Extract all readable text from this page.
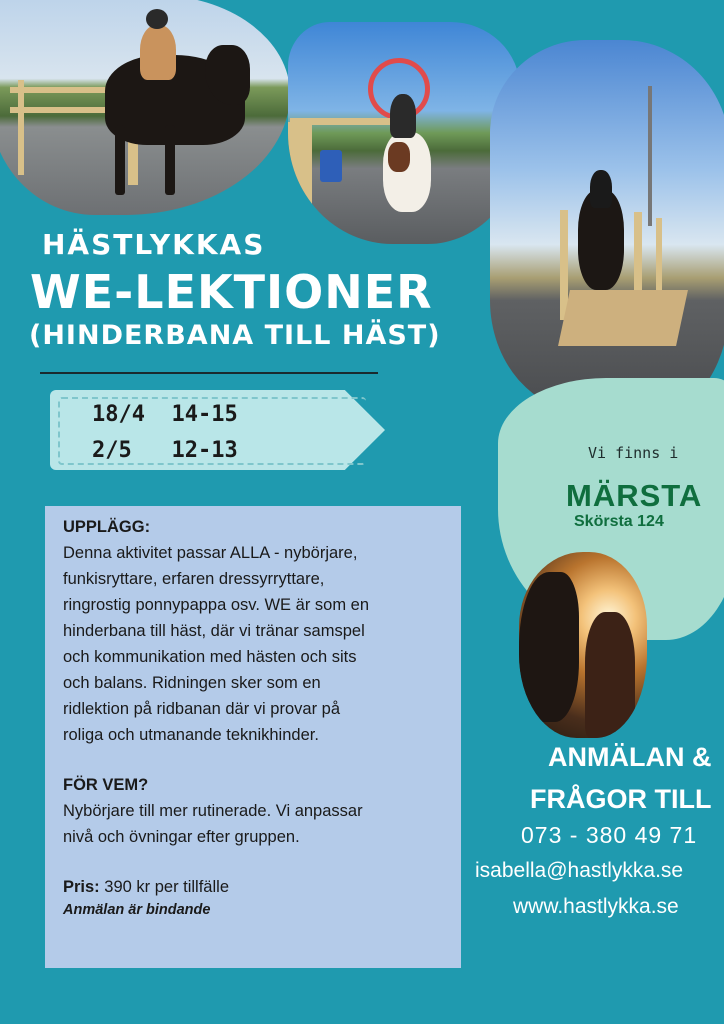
Vi finns i
MÄRSTA
Skörsta 124
HÄSTLYKKAS
WE-LEKTIONER
(HINDERBANA TILL HÄST)
18/4  14-15
2/5   12-13
UPPLÄGG:
Denna aktivitet passar ALLA - nybörjare,
funkisryttare, erfaren dressyrryttare,
ringrostig ponnypappa osv. WE är som en
hinderbana till häst, där vi tränar samspel
och kommunikation med hästen och sits
och balans. Ridningen sker som en
ridlektion på ridbanan där vi provar på
roliga och utmanande teknikhinder.
FÖR VEM?
Nybörjare till mer rutinerade. Vi anpassar
nivå och övningar efter gruppen.
Pris: 390 kr per tillfälle
Anmälan är bindande
ANMÄLAN &
FRÅGOR TILL
073 - 380 49 71
isabella@hastlykka.se
www.hastlykka.se
